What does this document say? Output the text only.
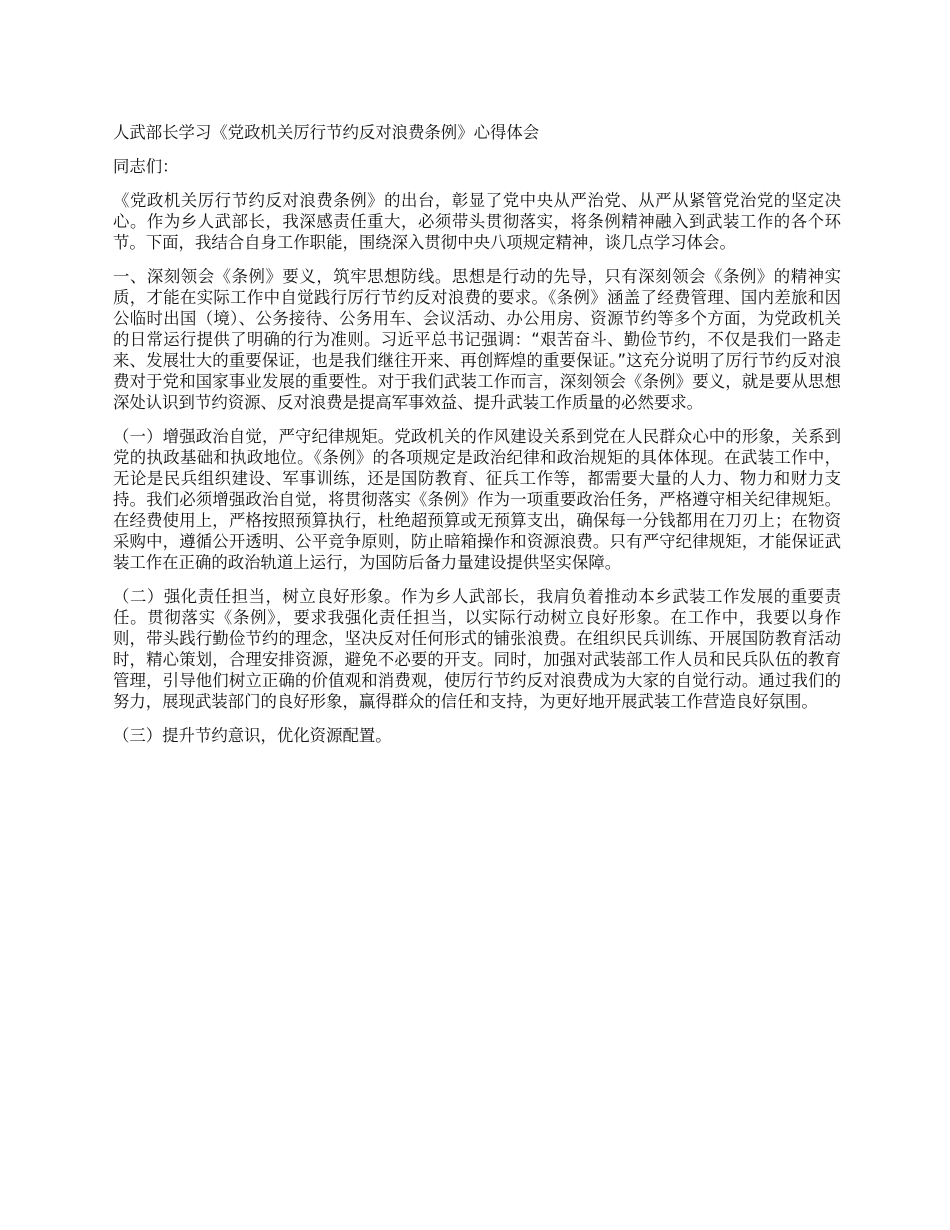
人武部长学习《党政机关厉行节约反对浪费条例》心得体会
同志们：
《党政机关厉行节约反对浪费条例》的出台，彰显了党中央从严治党、从严从紧管党治党的坚定决心。作为乡人武部长，我深感责任重大，必须带头贯彻落实，将条例精神融入到武装工作的各个环节。下面，我结合自身工作职能，围绕深入贯彻中央八项规定精神，谈几点学习体会。
一、深刻领会《条例》要义，筑牢思想防线。思想是行动的先导，只有深刻领会《条例》的精神实质，才能在实际工作中自觉践行厉行节约反对浪费的要求。《条例》涵盖了经费管理、国内差旅和因公临时出国（境）、公务接待、公务用车、会议活动、办公用房、资源节约等多个方面，为党政机关的日常运行提供了明确的行为准则。习近平总书记强调：“艰苦奋斗、勤俭节约，不仅是我们一路走来、发展壮大的重要保证，也是我们继往开来、再创辉煌的重要保证。”这充分说明了厉行节约反对浪费对于党和国家事业发展的重要性。对于我们武装工作而言，深刻领会《条例》要义，就是要从思想深处认识到节约资源、反对浪费是提高军事效益、提升武装工作质量的必然要求。
（一）增强政治自觉，严守纪律规矩。党政机关的作风建设关系到党在人民群众心中的形象，关系到党的执政基础和执政地位。《条例》的各项规定是政治纪律和政治规矩的具体体现。在武装工作中，无论是民兵组织建设、军事训练，还是国防教育、征兵工作等，都需要大量的人力、物力和财力支持。我们必须增强政治自觉，将贯彻落实《条例》作为一项重要政治任务，严格遵守相关纪律规矩。在经费使用上，严格按照预算执行，杜绝超预算或无预算支出，确保每一分钱都用在刀刃上；在物资采购中，遵循公开透明、公平竞争原则，防止暗箱操作和资源浪费。只有严守纪律规矩，才能保证武装工作在正确的政治轨道上运行，为国防后备力量建设提供坚实保障。
（二）强化责任担当，树立良好形象。作为乡人武部长，我肩负着推动本乡武装工作发展的重要责任。贯彻落实《条例》，要求我强化责任担当，以实际行动树立良好形象。在工作中，我要以身作则，带头践行勤俭节约的理念，坚决反对任何形式的铺张浪费。在组织民兵训练、开展国防教育活动时，精心策划，合理安排资源，避免不必要的开支。同时，加强对武装部工作人员和民兵队伍的教育管理，引导他们树立正确的价值观和消费观，使厉行节约反对浪费成为大家的自觉行动。通过我们的努力，展现武装部门的良好形象，赢得群众的信任和支持，为更好地开展武装工作营造良好氛围。
（三）提升节约意识，优化资源配置。
